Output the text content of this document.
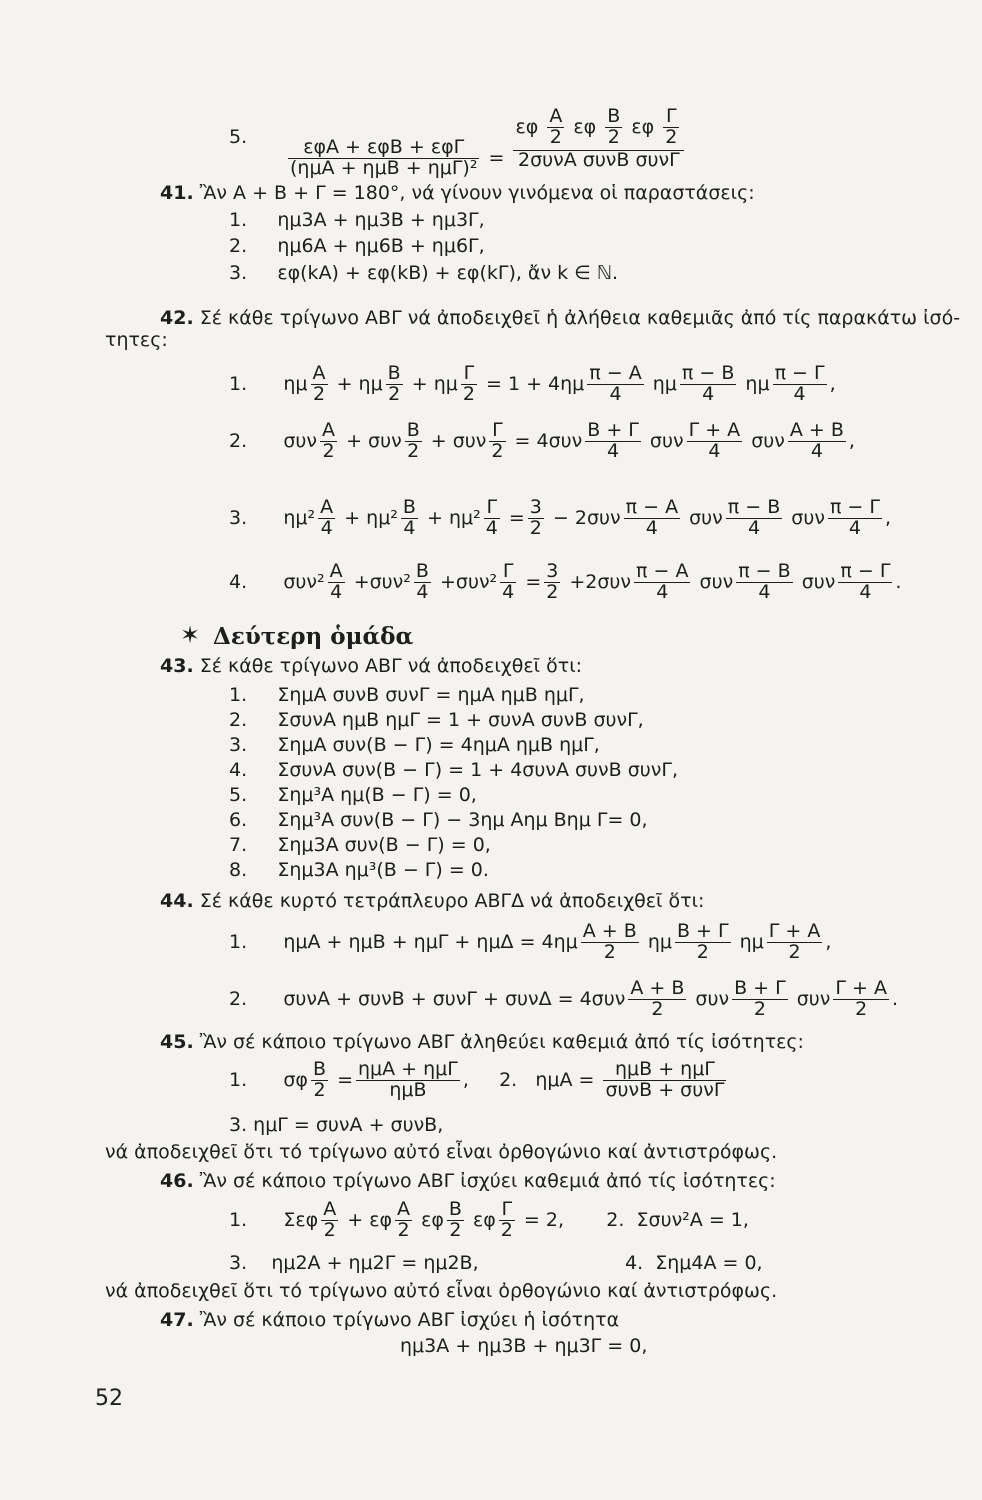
5.	εφA + εφB + εφΓ
(ημA + ημB + ημΓ)² =
εφ $\frac{A}{2}$ εφ $\frac{B}{2}$ εφ $\frac{\Gamma}{2}$
2συνA συνB συνΓ
41. Ἂν A + B + Γ = 180°, νά γίνουν γινόμενα οἱ παραστάσεις:
1. ημ3A + ημ3B + ημ3Γ,
2. ημ6A + ημ6B + ημ6Γ,
3. εφ(kA) + εφ(kB) + εφ(kΓ), ἄν k ∈ ℕ.
42. Σέ κάθε τρίγωνο ABΓ νά ἀποδειχθεῖ ἡ ἀλήθεια καθεμιᾶς ἀπό τίς παρακάτω ἰσό-
τητες:
1. ημ $\frac{A}{2} + \eta\mu \frac{B}{2} + \eta\mu \frac{\Gamma}{2} = 1 + 4\eta\mu \frac{\pi - A}{4}$ ημ $\frac{\pi - B}{4}$ ημ $\frac{\pi - \Gamma}{4}$ ,
2. συν $\frac{A}{2} + \sigma\upsilon\nu \frac{B}{2} + \sigma\upsilon\nu \frac{\Gamma}{2} = 4\sigma\upsilon\nu \frac{B + \Gamma}{4}$ συν $\frac{\Gamma + A}{4}$ συν $\frac{A + B}{4}$ ,
3. $\eta\mu^2 \frac{A}{4} + \eta\mu^2 \frac{B}{4} + \eta\mu^2 \frac{\Gamma}{4} = \frac{3}{2} - 2\sigma\upsilon\nu \frac{\pi - A}{4}$ συν $\frac{\pi - B}{4}$ συν $\frac{\pi - \Gamma}{4}$ ,
4. $\sigma\upsilon\nu^2 \frac{A}{4} +\sigma\upsilon\nu^2 \frac{B}{4} +\sigma\upsilon\nu^2 \frac{\Gamma}{4} = \frac{3}{2} +2\sigma\upsilon\nu \frac{\pi - A}{4}$ συν $\frac{\pi - B}{4}$ συν $\frac{\pi - \Gamma}{4}$ .
✶ Δεύτερη ὁμάδα
43. Σέ κάθε τρίγωνο ABΓ νά ἀποδειχθεῖ ὅτι:
1. ΣημA συνB συνΓ = ημA ημB ημΓ,
2. ΣσυνA ημB ημΓ = 1 + συνA συνB συνΓ,
3. ΣημA συν(B − Γ) = 4ημA ημB ημΓ,
4. ΣσυνA συν(B − Γ) = 1 + 4συνA συνB συνΓ,
5. Σημ³A ημ(B − Γ) = 0,
6. Σημ³A συν(B − Γ) − 3ημ Aημ Bημ Γ= 0,
7. Σημ3A συν(B − Γ) = 0,
8. Σημ3A ημ³(B − Γ) = 0.
44. Σέ κάθε κυρτό τετράπλευρο ABΓΔ νά ἀποδειχθεῖ ὅτι:
1. $\eta\mu A + \eta\mu B + \eta\mu\Gamma + \eta\mu\Delta = 4\eta\mu \frac{A + B}{2}$ ημ $\frac{B + \Gamma}{2}$ ημ $\frac{\Gamma + A}{2}$ ,
2. $\sigma\upsilon\nu A + \sigma\upsilon\nu B + \sigma\upsilon\nu\Gamma + \sigma\upsilon\nu\Delta = 4\sigma\upsilon\nu \frac{A + B}{2}$ συν $\frac{B + \Gamma}{2}$ συν $\frac{\Gamma + A}{2}$ .
45. Ἂν σέ κάποιο τρίγωνο ABΓ ἀληθεύει καθεμιά ἀπό τίς ἰσότητες:
1. σφ $\frac{B}{2} = \eta\mu A + \eta\mu\Gamma$
ημB	, 2. ημA =	ημB + ημΓ
συνB + συνΓ
3. ημΓ = συνA + συνB,
νά ἀποδειχθεῖ ὅτι τό τρίγωνο αὐτό εἶναι ὀρθογώνιο καί ἀντιστρόφως.
46. Ἂν σέ κάποιο τρίγωνο ABΓ ἰσχύει καθεμιά ἀπό τίς ἰσότητες:
1. Σεφ $\frac{A}{2} + \varepsilon\varphi \frac{A}{2}$ εφ $\frac{B}{2}$ εφ $\frac{\Gamma}{2} = 2$, 2. Σσυν²A = 1,
3. ημ2A + ημ2Γ = ημ2B,	4. Σημ4A = 0,
νά ἀποδειχθεῖ ὅτι τό τρίγωνο αὐτό εἶναι ὀρθογώνιο καί ἀντιστρόφως.
47. Ἂν σέ κάποιο τρίγωνο ABΓ ἰσχύει ἡ ἰσότητα
ημ3A + ημ3B + ημ3Γ = 0,
52
